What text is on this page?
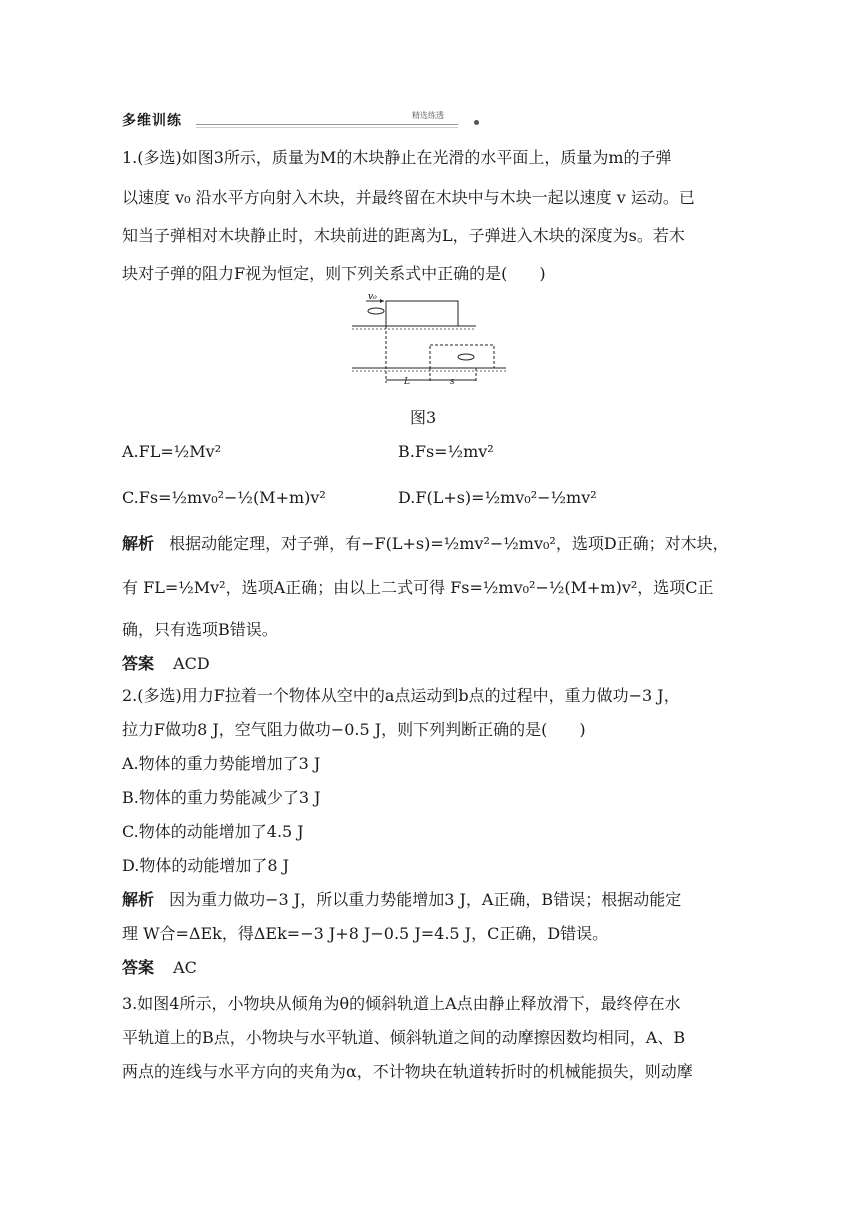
多维训练	精选练透
1.(多选)如图3所示，质量为M的木块静止在光滑的水平面上，质量为m的子弹
以速度 v₀ 沿水平方向射入木块，并最终留在木块中与木块一起以速度 v 运动。已
知当子弹相对木块静止时，木块前进的距离为L，子弹进入木块的深度为s。若木
块对子弹的阻力F视为恒定，则下列关系式中正确的是(　　)
v₀
L	s
图3
A.FL=½Mv²	B.Fs=½mv²
C.Fs=½mv₀²−½(M+m)v²	D.F(L+s)=½mv₀²−½mv²
解析 根据动能定理，对子弹，有−F(L+s)=½mv²−½mv₀²，选项D正确；对木块，
有 FL=½Mv²，选项A正确；由以上二式可得 Fs=½mv₀²−½(M+m)v²，选项C正
确，只有选项B错误。
答案 ACD
2.(多选)用力F拉着一个物体从空中的a点运动到b点的过程中，重力做功−3 J，
拉力F做功8 J，空气阻力做功−0.5 J，则下列判断正确的是(　　)
A.物体的重力势能增加了3 J
B.物体的重力势能减少了3 J
C.物体的动能增加了4.5 J
D.物体的动能增加了8 J
解析 因为重力做功−3 J，所以重力势能增加3 J，A正确，B错误；根据动能定
理 W合=ΔEk，得ΔEk=−3 J+8 J−0.5 J=4.5 J，C正确，D错误。
答案 AC
3.如图4所示，小物块从倾角为θ的倾斜轨道上A点由静止释放滑下，最终停在水
平轨道上的B点，小物块与水平轨道、倾斜轨道之间的动摩擦因数均相同，A、B
两点的连线与水平方向的夹角为α，不计物块在轨道转折时的机械能损失，则动摩
